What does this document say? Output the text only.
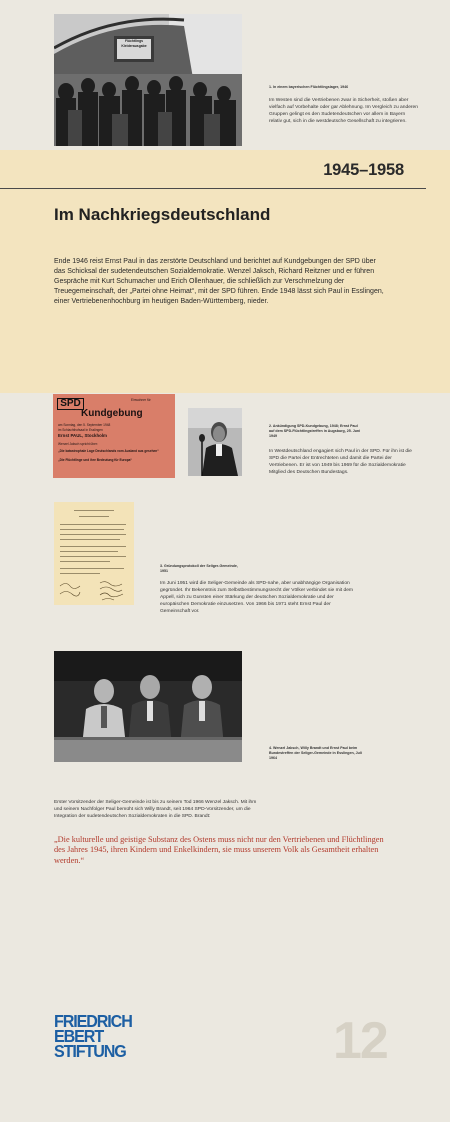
Flüchtlings
Kleiderausgabe
1. In einem bayerischen Flüchtlingslager, 1946
Im Westen sind die Vertriebenen zwar in Sicherheit, stoßen aber vielfach auf Vorbehalte oder gar Ablehnung. Im Vergleich zu anderen Gruppen gelingt es den Sudetendeutschen vor allem in Bayern relativ gut, sich in die westdeutsche Gesellschaft zu integrieren.
1945–1958
Im Nachkriegsdeutschland
Ende 1946 reist Ernst Paul in das zerstörte Deutschland und berichtet auf Kundgebungen der SPD über das Schicksal der sudetendeutschen Sozialdemokratie. Wenzel Jaksch, Richard Reitzner und er führen Gespräche mit Kurt Schumacher und Erich Ollenhauer, die schließlich zur Verschmelzung der Treuegemeinschaft, der „Partei ohne Heimat“, mit der SPD führen. Ende 1948 lässt sich Paul in Esslingen, einer Vertriebenenhochburg im heutigen Baden-Württemberg, nieder.
SPD	Einwohner für
Kundgebung
am Sonntag, den 5. September 1948
im Schlachthofsaal in Esslingen
Ernst PAUL, Stockholm
Wenzel Jaksch spricht über:
„Die katastrophale Lage Deutschlands vom Ausland aus gesehen“
„Die Flüchtlinge und ihre Bedeutung für Europa“
2. Ankündigung SPD-Kundgebung, 1948; Ernst Paul auf dem SPD-Flüchtlingstreffen in Augsburg, 25. Juni 1949
In Westdeutschland engagiert sich Paul in der SPD. Für ihn ist die SPD die Partei der Entrechteten und damit die Partei der Vertriebenen. Er ist von 1949 bis 1969 für die Sozialdemokratie Mitglied des Deutschen Bundestags.
3. Gründungsprotokoll der Seliger-Gemeinde, 1951
Im Juni 1951 wird die Seliger-Gemeinde als SPD-nahe, aber unabhängige Organisation gegründet. Ihr Bekenntnis zum Selbstbestimmungsrecht der Völker verbindet sie mit dem Appell, sich zu Gunsten einer Stärkung der deutschen Sozialdemokratie und der europäischen Demokratie einzusetzen. Von 1966 bis 1971 steht Ernst Paul der Gemeinschaft vor.
4. Wenzel Jaksch, Willy Brandt und Ernst Paul beim Bundestreffen der Seliger-Gemeinde in Esslingen, Juli 1964
Erster Vorsitzender der Seliger-Gemeinde ist bis zu seinem Tod 1966 Wenzel Jaksch. Mit ihm und seinem Nachfolger Paul bemüht sich Willy Brandt, seit 1964 SPD-Vorsitzender, um die Integration der sudetendeutschen Sozialdemokraten in die SPD. Brandt:
„Die kulturelle und geistige Substanz des Ostens muss nicht nur den Vertriebenen und Flüchtlingen des Jahres 1945, ihren Kindern und Enkelkindern, sie muss unserem Volk als Gesamtheit erhalten werden.“
FRIEDRICH
EBERT
STIFTUNG	12
